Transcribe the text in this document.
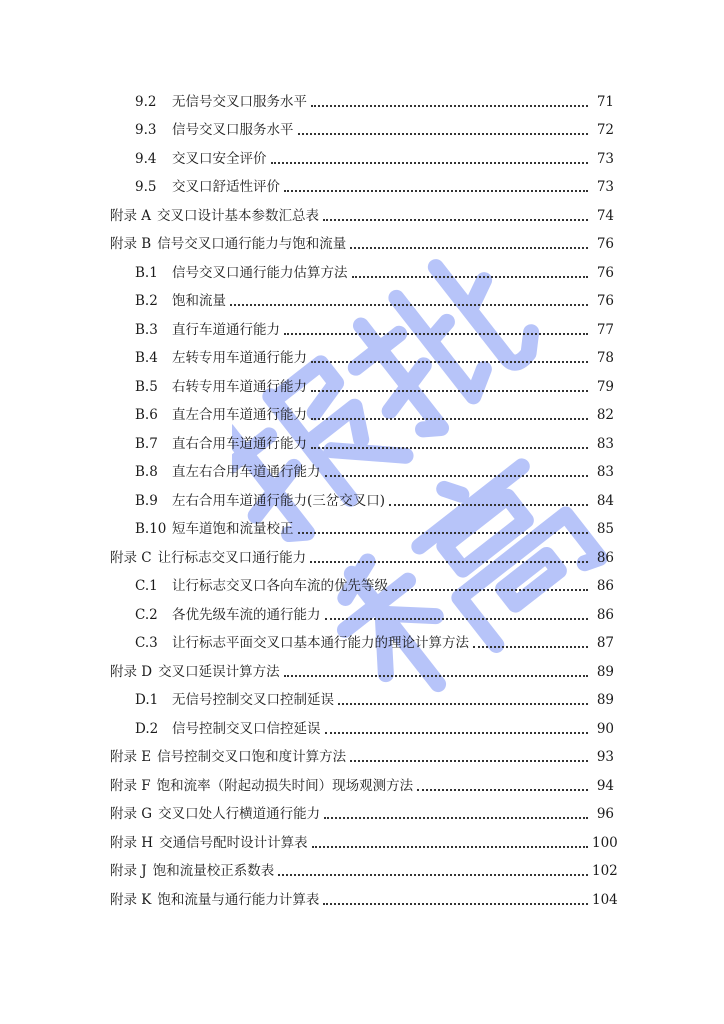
9.2	无信号交叉口服务水平	71
9.3	信号交叉口服务水平	72
9.4	交叉口安全评价	73
9.5	交叉口舒适性评价	73
附录 A 交叉口设计基本参数汇总表	74
附录 B 信号交叉口通行能力与饱和流量	76
B.1	信号交叉口通行能力估算方法	76
B.2	饱和流量	76
B.3	直行车道通行能力	77
B.4	左转专用车道通行能力	78
B.5	右转专用车道通行能力	79
B.6	直左合用车道通行能力	82
B.7	直右合用车道通行能力	83
B.8	直左右合用车道通行能力	83
B.9	左右合用车道通行能力(三岔交叉口)	84
B.10 短车道饱和流量校正	85
附录 C 让行标志交叉口通行能力	86
C.1	让行标志交叉口各向车流的优先等级	86
C.2	各优先级车流的通行能力	86
C.3	让行标志平面交叉口基本通行能力的理论计算方法	87
附录 D 交叉口延误计算方法	89
D.1	无信号控制交叉口控制延误	89
D.2	信号控制交叉口信控延误	90
附录 E 信号控制交叉口饱和度计算方法	93
附录 F 饱和流率（附起动损失时间）现场观测方法	94
附录 G 交叉口处人行横道通行能力	96
附录 H 交通信号配时设计计算表	100
附录 J 饱和流量校正系数表	102
附录 K 饱和流量与通行能力计算表	104
